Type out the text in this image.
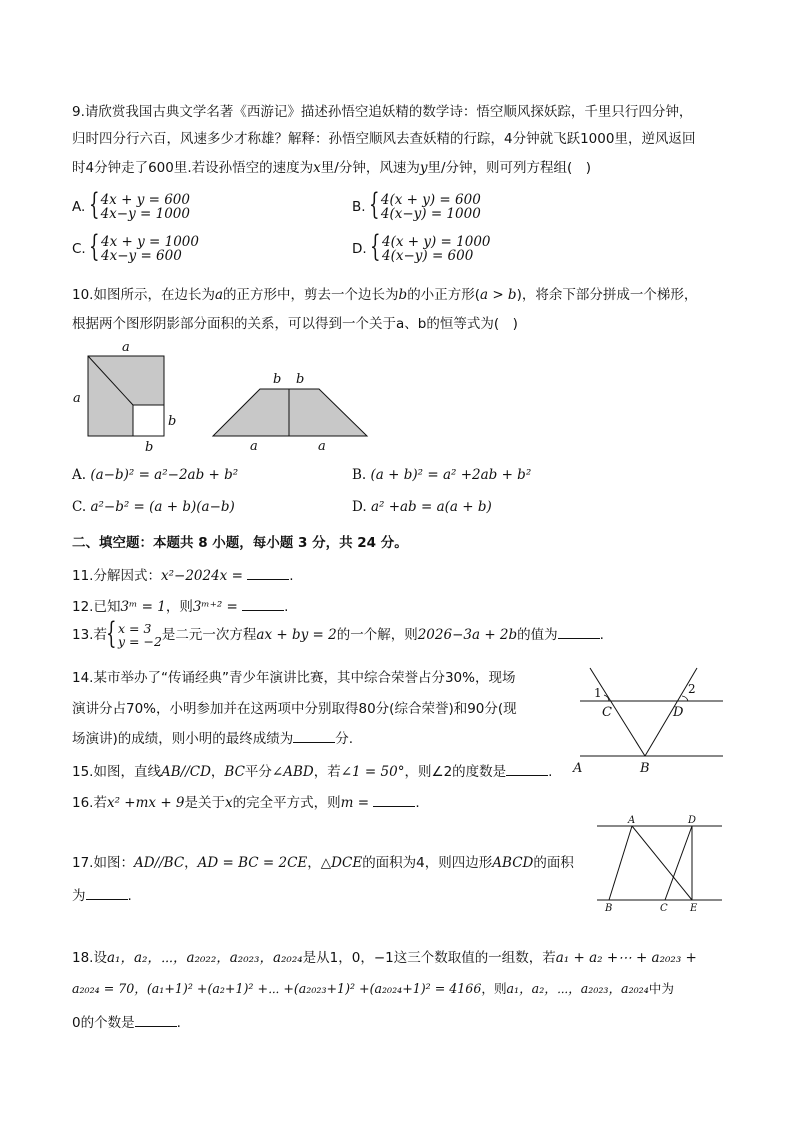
9.请欣赏我国古典文学名著《西游记》描述孙悟空追妖精的数学诗：悟空顺风探妖踪，千里只行四分钟，
归时四分行六百，风速多少才称雄？解释：孙悟空顺风去查妖精的行踪，4分钟就飞跃1000里，逆风返回
时4分钟走了600里.若设孙悟空的速度为x里/分钟，风速为y里/分钟，则可列方程组(　)
A. { 4x + y = 600
4x−y = 1000	B. { 4(x + y) = 600
4(x−y) = 1000
C. { 4x + y = 1000
4x−y = 600	D. { 4(x + y) = 1000
4(x−y) = 600
10.如图所示，在边长为a的正方形中，剪去一个边长为b的小正方形(a > b)，将余下部分拼成一个梯形，
根据两个图形阴影部分面积的关系，可以得到一个关于a、b的恒等式为(　)
a
a
b
b
b b
a	a
A. (a−b)² = a²−2ab + b²	B. (a + b)² = a² +2ab + b²
C. a²−b² = (a + b)(a−b)	D. a² +ab = a(a + b)
二、填空题：本题共 8 小题，每小题 3 分，共 24 分。
11.分解因式：x²−2024x =	.
12.已知3ᵐ = 1，则3ᵐ⁺² =	.
13.若 { x = 3
y = −2是二元一次方程ax + by = 2的一个解，则2026−3a + 2b的值为	.
14.某市举办了“传诵经典”青少年演讲比赛，其中综合荣誉占分30%，现场
演讲分占70%，小明参加并在这两项中分别取得80分(综合荣誉)和90分(现
场演讲)的成绩，则小明的最终成绩为	分.
1	2
C	D
A	B
15.如图，直线AB//CD，BC平分∠ABD，若∠1 = 50°，则∠2的度数是	.
16.若x² +mx + 9是关于x的完全平方式，则m =	.
A	D
B	C E
17.如图：AD//BC，AD = BC = 2CE，△DCE的面积为4，则四边形ABCD的面积
为	.
18.设a₁，a₂，⋯，a₂₀₂₂，a₂₀₂₃，a₂₀₂₄是从1，0，−1这三个数取值的一组数，若a₁ + a₂ +⋯ + a₂₀₂₃ +
a₂₀₂₄ = 70，(a₁+1)² +(a₂+1)² +⋯ +(a₂₀₂₃+1)² +(a₂₀₂₄+1)² = 4166，则a₁，a₂，⋯，a₂₀₂₃，a₂₀₂₄中为
0的个数是	.
